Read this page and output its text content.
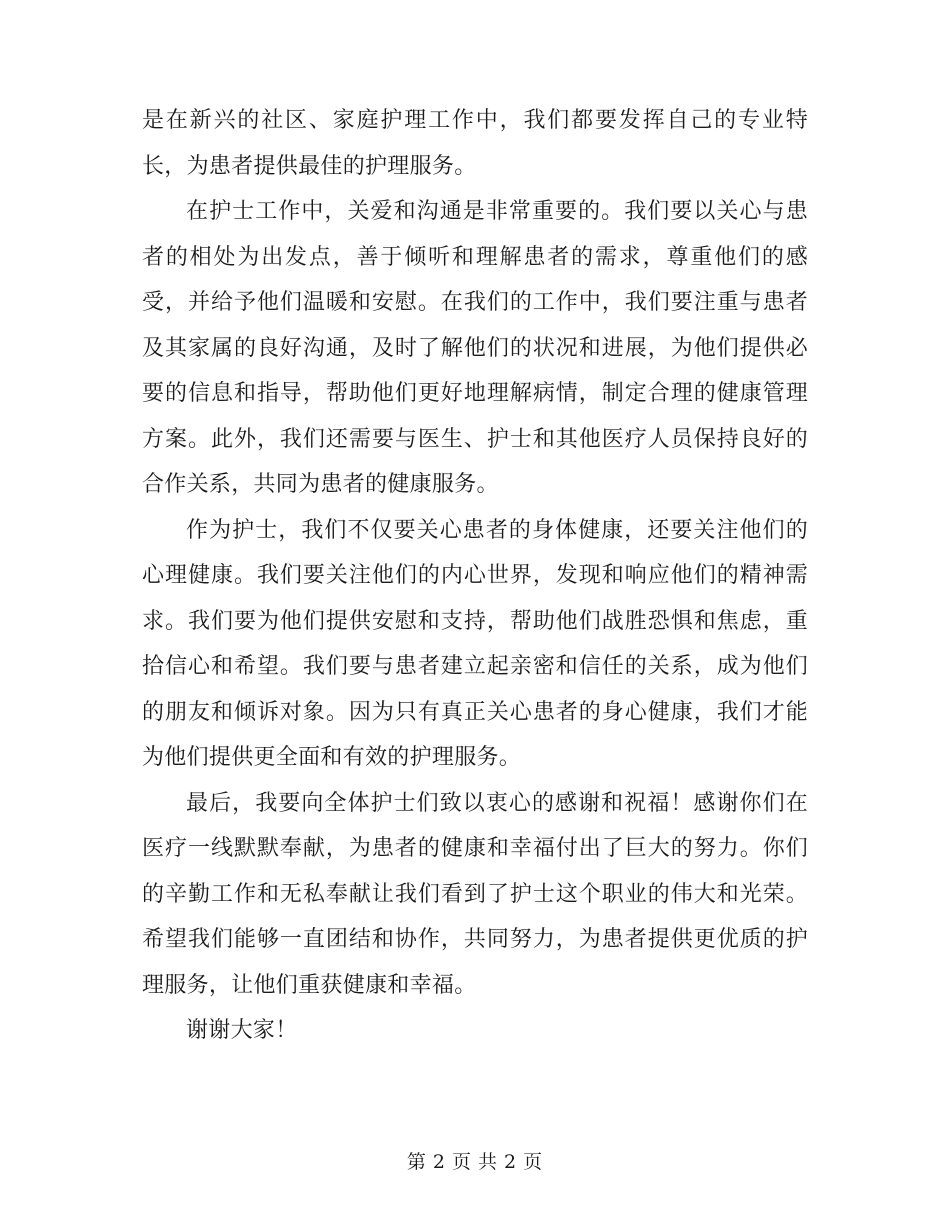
是在新兴的社区、家庭护理工作中，我们都要发挥自己的专业特长，为患者提供最佳的护理服务。

在护士工作中，关爱和沟通是非常重要的。我们要以关心与患者的相处为出发点，善于倾听和理解患者的需求，尊重他们的感受，并给予他们温暖和安慰。在我们的工作中，我们要注重与患者及其家属的良好沟通，及时了解他们的状况和进展，为他们提供必要的信息和指导，帮助他们更好地理解病情，制定合理的健康管理方案。此外，我们还需要与医生、护士和其他医疗人员保持良好的合作关系，共同为患者的健康服务。

作为护士，我们不仅要关心患者的身体健康，还要关注他们的心理健康。我们要关注他们的内心世界，发现和响应他们的精神需求。我们要为他们提供安慰和支持，帮助他们战胜恐惧和焦虑，重拾信心和希望。我们要与患者建立起亲密和信任的关系，成为他们的朋友和倾诉对象。因为只有真正关心患者的身心健康，我们才能为他们提供更全面和有效的护理服务。

最后，我要向全体护士们致以衷心的感谢和祝福！感谢你们在医疗一线默默奉献，为患者的健康和幸福付出了巨大的努力。你们的辛勤工作和无私奉献让我们看到了护士这个职业的伟大和光荣。希望我们能够一直团结和协作，共同努力，为患者提供更优质的护理服务，让他们重获健康和幸福。

谢谢大家！

第 2 页 共 2 页
